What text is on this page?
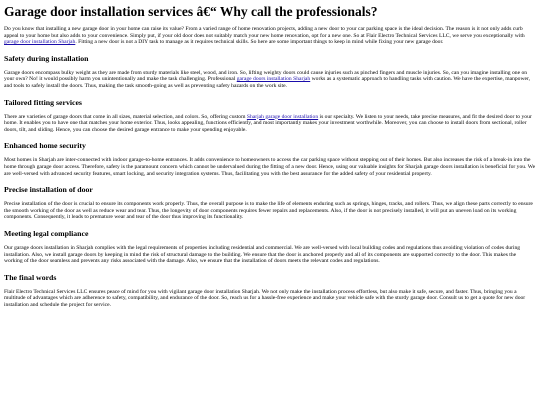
Garage door installation services â€“ Why call the professionals?

Do you know that installing a new garage door in your home can raise its value? From a varied range of home renovation projects, adding a new door to your car parking space is the ideal decision. The reason is it not only adds curb appeal to your home but also adds to your convenience. Simply put, if your old door does not suitably match your new home renovation, opt for a new one. So at Flair Electro Technical Services LLC, we serve you exceptionally with garage door installation Sharjah. Fitting a new door is not a DIY task to manage as it requires technical skills. So here are some important things to keep in mind while fixing your new garage door.

Safety during installation

Garage doors encompass bulky weight as they are made from sturdy materials like steel, wood, and iron. So, lifting weighty doors could cause injuries such as pinched fingers and muscle injuries. So, can you imagine installing one on your own? No! it would possibly harm you unintentionally and make the task challenging. Professional garage doors installation Sharjah works as a systematic approach to handling tasks with caution. We have the expertise, manpower, and tools to safely install the doors. Thus, making the task smooth-going as well as preventing safety hazards on the work site.

Tailored fitting services

There are varieties of garage doors that come in all sizes, material selection, and colors. So, offering custom Sharjah garage door installation is our specialty. We listen to your needs, take precise measures, and fit the desired door to your home. It enables you to have one that matches your home exterior. Thus, looks appealing, functions efficiently, and most importantly makes your investment worthwhile. Moreover, you can choose to install doors from sectional, roller doors, tilt, and sliding. Hence, you can choose the desired garage entrance to make your spending enjoyable.

Enhanced home security

Most homes in Sharjah are inter-connected with indoor garage-to-home entrances. It adds convenience to homeowners to access the car parking space without stepping out of their homes. But also increases the risk of a break-in into the home through garage door access. Therefore, safety is the paramount concern which cannot be undervalued during the fitting of a new door. Hence, using our valuable insights for Sharjah garage doors installation is beneficial for you. We are well-versed with advanced security features, smart locking, and security integration systems. Thus, facilitating you with the best assurance for the added safety of your residential property.

Precise installation of door

Precise installation of the door is crucial to ensure its components work properly. Thus, the overall purpose is to make the life of elements enduring such as springs, hinges, tracks, and rollers. Thus, we align these parts correctly to ensure the smooth working of the door as well as reduce wear and tear. Thus, the longevity of door components requires fewer repairs and replacements. Also, if the door is not precisely installed, it will put an uneven load on its working components. Consequently, it leads to premature wear and tear of the door thus improving its functionality.

Meeting legal compliance

Our garage doors installation in Sharjah complies with the legal requirements of properties including residential and commercial. We are well-versed with local building codes and regulations thus avoiding violation of codes during installation. Also, we install garage doors by keeping in mind the risk of structural damage to the building. We ensure that the door is anchored properly and all of its components are supported correctly to the door. This makes the working of the door seamless and prevents any risks associated with the damage. Also, we ensure that the installation of doors meets the relevant codes and regulations.

The final words

Flair Electro Technical Services LLC ensures peace of mind for you with vigilant garage door installation Sharjah. We not only make the installation process effortless, but also make it safe, secure, and faster. Thus, bringing you a multitude of advantages which are adherence to safety, compatibility, and endurance of the door. So, reach us for a hassle-free experience and make your vehicle safe with the sturdy garage door. Consult us to get a quote for new door installation and schedule the project for service.
